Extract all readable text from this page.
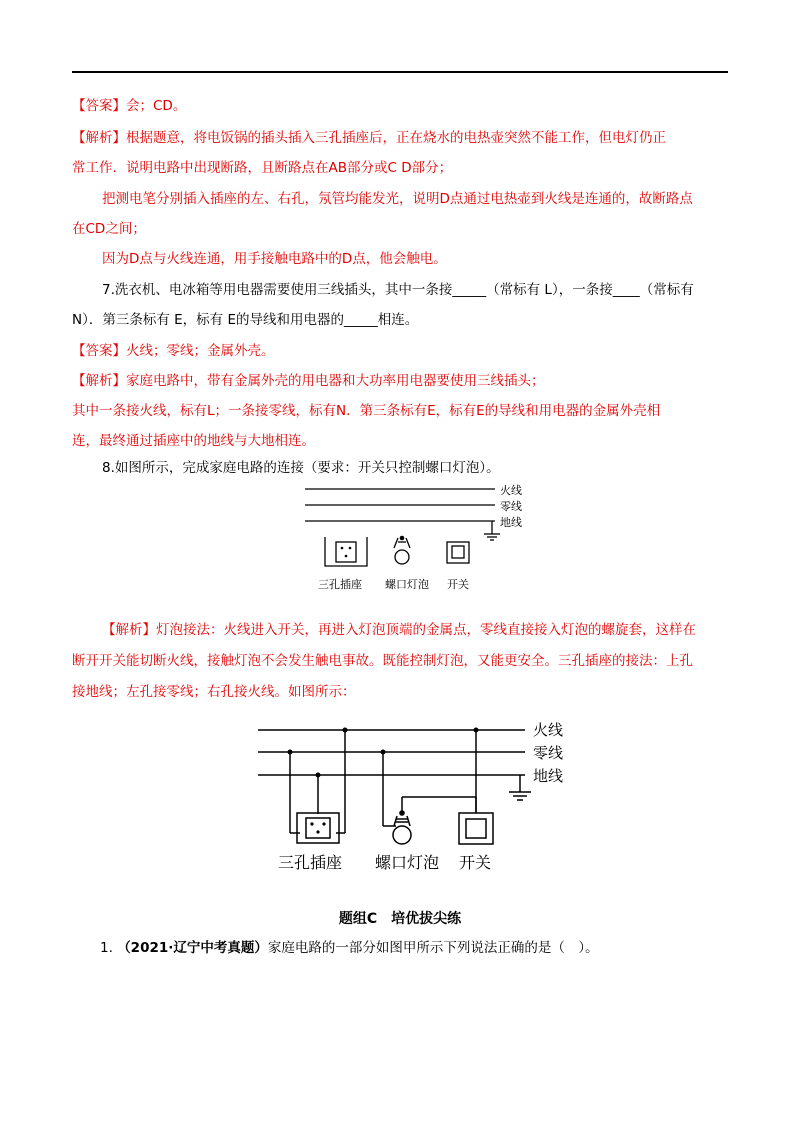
【答案】会；CD。
【解析】根据题意，将电饭锅的插头插入三孔插座后，正在烧水的电热壶突然不能工作，但电灯仍正
常工作．说明电路中出现断路，且断路点在AB部分或C D部分；
把测电笔分别插入插座的左、右孔，氖管均能发光，说明D点通过电热壶到火线是连通的，故断路点
在CD之间；
因为D点与火线连通，用手接触电路中的D点，他会触电。
7.洗衣机、电冰箱等用电器需要使用三线插头，其中一条接_____（常标有 L），一条接____（常标有
N）．第三条标有 E，标有 E的导线和用电器的_____相连。
【答案】火线；零线；金属外壳。
【解析】家庭电路中，带有金属外壳的用电器和大功率用电器要使用三线插头；
其中一条接火线，标有L；一条接零线，标有N．第三条标有E，标有E的导线和用电器的金属外壳相
连，最终通过插座中的地线与大地相连。
8.如图所示，完成家庭电路的连接（要求：开关只控制螺口灯泡）。
火线
零线
地线
三孔插座 螺口灯泡 开关
【解析】灯泡接法：火线进入开关，再进入灯泡顶端的金属点，零线直接接入灯泡的螺旋套，这样在
断开开关能切断火线，接触灯泡不会发生触电事故。既能控制灯泡，又能更安全。三孔插座的接法：上孔
接地线；左孔接零线；右孔接火线。如图所示：
火线
零线
地线
三孔插座 螺口灯泡 开关
题组C　培优拔尖练
1. （2021·辽宁中考真题）家庭电路的一部分如图甲所示下列说法正确的是（　）。
